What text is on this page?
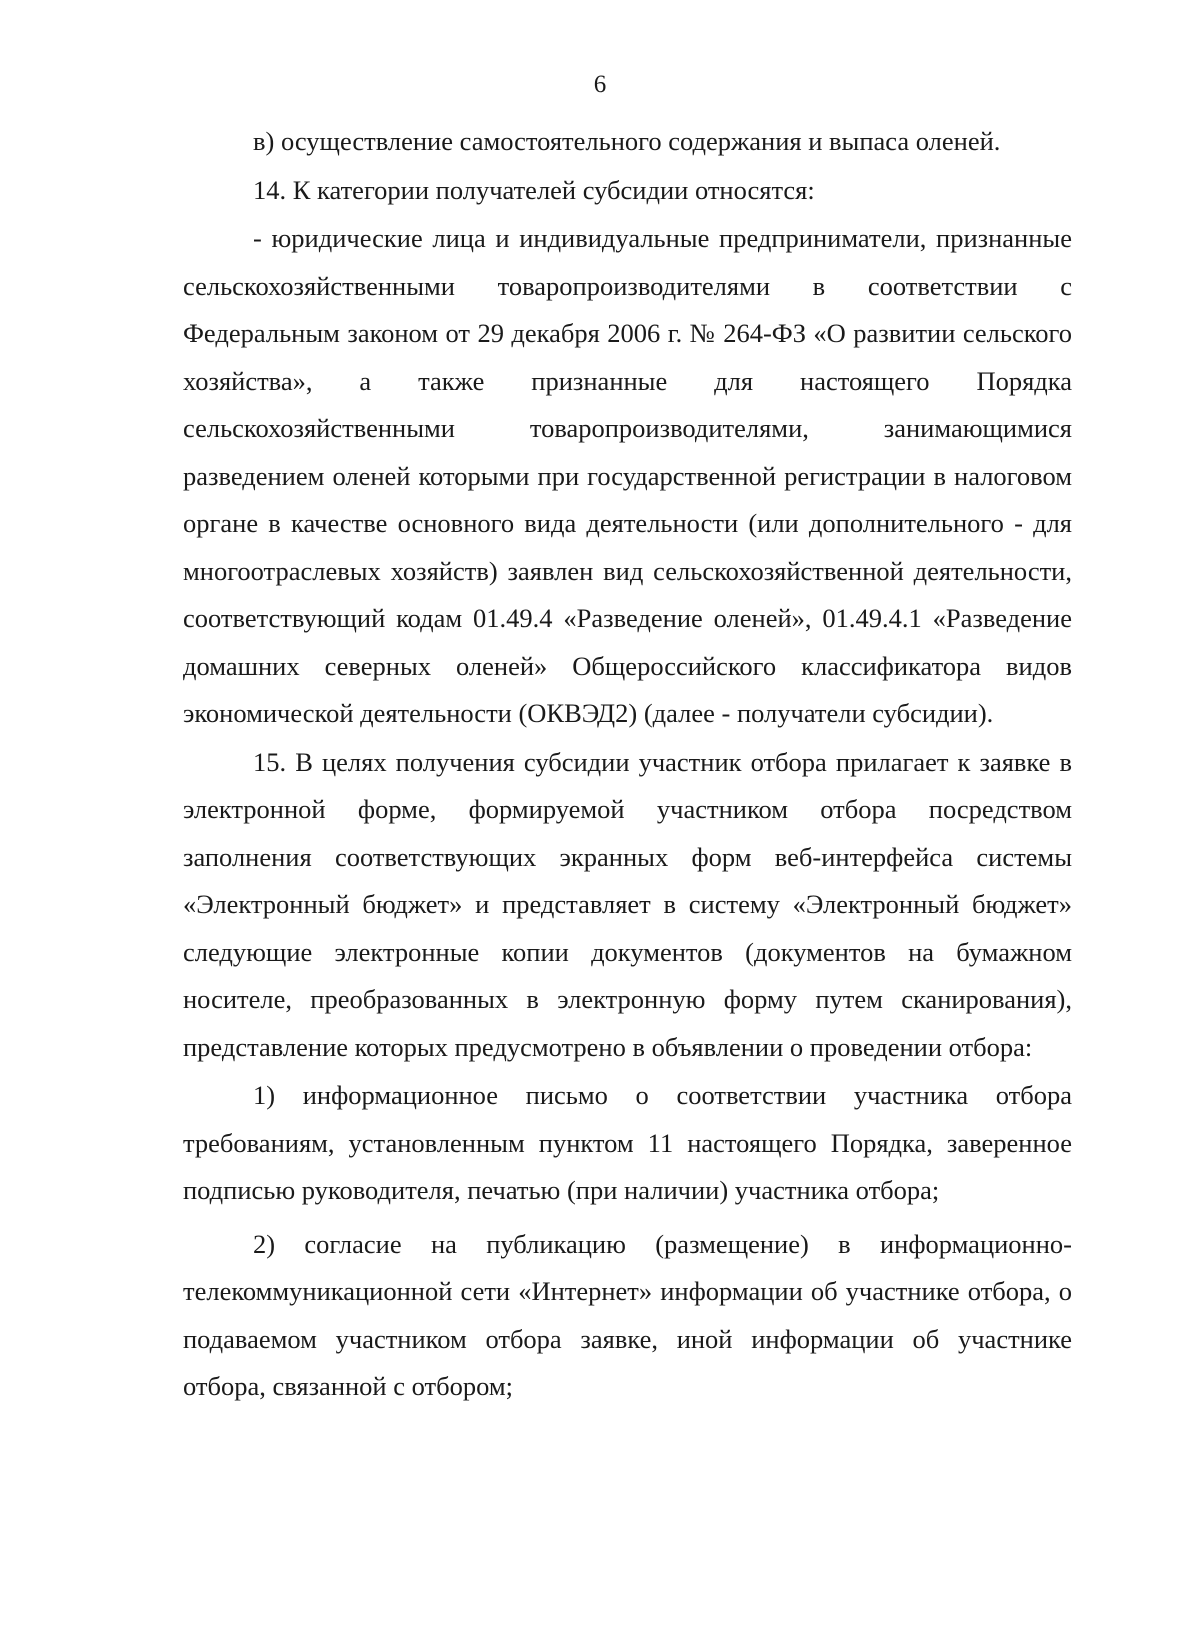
6

в) осуществление самостоятельного содержания и выпаса оленей.

14. К категории получателей субсидии относятся:

- юридические лица и индивидуальные предприниматели, признанные сельскохозяйственными товаропроизводителями в соответствии с Федеральным законом от 29 декабря 2006 г. № 264-ФЗ «О развитии сельского хозяйства», а также признанные для настоящего Порядка сельскохозяйственными товаропроизводителями, занимающимися разведением оленей которыми при государственной регистрации в налоговом органе в качестве основного вида деятельности (или дополнительного - для многоотраслевых хозяйств) заявлен вид сельскохозяйственной деятельности, соответствующий кодам 01.49.4 «Разведение оленей», 01.49.4.1 «Разведение домашних северных оленей» Общероссийского классификатора видов экономической деятельности (ОКВЭД2) (далее - получатели субсидии).

15. В целях получения субсидии участник отбора прилагает к заявке в электронной форме, формируемой участником отбора посредством заполнения соответствующих экранных форм веб-интерфейса системы «Электронный бюджет» и представляет в систему «Электронный бюджет» следующие электронные копии документов (документов на бумажном носителе, преобразованных в электронную форму путем сканирования), представление которых предусмотрено в объявлении о проведении отбора:

1) информационное письмо о соответствии участника отбора требованиям, установленным пунктом 11 настоящего Порядка, заверенное подписью руководителя, печатью (при наличии) участника отбора;

2) согласие на публикацию (размещение) в информационно-телекоммуникационной сети «Интернет» информации об участнике отбора, о подаваемом участником отбора заявке, иной информации об участнике отбора, связанной с отбором;
